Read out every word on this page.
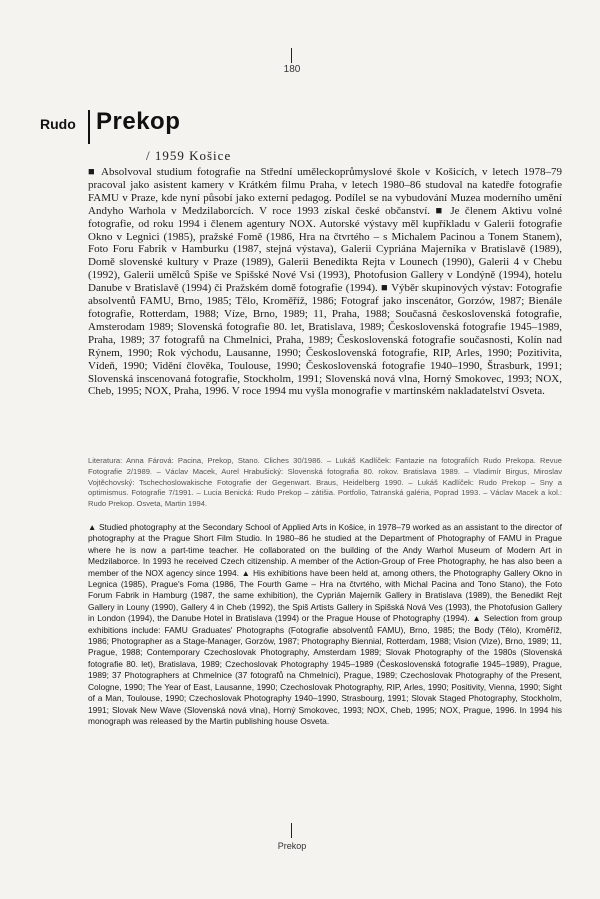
180
Rudo Prekop
/ 1959 Košice

■ Absolvoval studium fotografie na Střední uměleckoprůmyslové škole v Košicích, v letech 1978–79 pracoval jako asistent kamery v Krátkém filmu Praha, v letech 1980–86 studoval na katedře fotografie FAMU v Praze, kde nyní působí jako externí pedagog. Podílel se na vybudování Muzea moderního umění Andyho Warhola v Medzilaborcích. V roce 1993 získal české občanství. ■ Je členem Aktivu volné fotografie, od roku 1994 i členem agentury NOX. Autorské výstavy měl kupříkladu v Galerii fotografie Okno v Legnici (1985), pražské Fomě (1986, Hra na čtvrtého – s Michalem Pacinou a Tonem Stanem), Foto Foru Fabrik v Hamburku (1987, stejná výstava), Galerii Cypriána Majerníka v Bratislavě (1989), Domě slovenské kultury v Praze (1989), Galerii Benedikta Rejta v Lounech (1990), Galerii 4 v Chebu (1992), Galerii umělců Spiše ve Spišské Nové Vsi (1993), Photofusion Gallery v Londýně (1994), hotelu Danube v Bratislavě (1994) či Pražském domě fotografie (1994). ■ Výběr skupinových výstav: Fotografie absolventů FAMU, Brno, 1985; Tělo, Kroměříž, 1986; Fotograf jako inscenátor, Gorzów, 1987; Bienále fotografie, Rotterdam, 1988; Víze, Brno, 1989; 11, Praha, 1988; Současná československá fotografie, Amsterodam 1989; Slovenská fotografie 80. let, Bratislava, 1989; Československá fotografie 1945–1989, Praha, 1989; 37 fotografů na Chmelnici, Praha, 1989; Československá fotografie současnosti, Kolín nad Rýnem, 1990; Rok východu, Lausanne, 1990; Československá fotografie, RIP, Arles, 1990; Pozitivita, Vídeň, 1990; Vidění člověka, Toulouse, 1990; Československá fotografie 1940–1990, Štrasburk, 1991; Slovenská inscenovaná fotografie, Stockholm, 1991; Slovenská nová vlna, Horný Smokovec, 1993; NOX, Cheb, 1995; NOX, Praha, 1996. V roce 1994 mu vyšla monografie v martinském nakladatelství Osveta.

Literatura: Anna Fárová: Pacina, Prekop, Stano. Cliches 30/1986. – Lukáš Kadlíček: Fantazie na fotografiích Rudo Prekopa. Revue Fotografie 2/1989. – Václav Macek, Aurel Hrabušický: Slovenská fotografia 80. rokov. Bratislava 1989. – Vladimír Birgus, Miroslav Vojtěchovský: Tschechoslowakische Fotografie der Gegenwart. Braus, Heidelberg 1990. – Lukáš Kadlíček: Rudo Prekop – Sny a optimismus. Fotografie 7/1991. – Lucia Benická: Rudo Prekop – zátišia. Portfolio, Tatranská galéria, Poprad 1993. – Václav Macek a kol.: Rudo Prekop. Osveta, Martin 1994.

▲ Studied photography at the Secondary School of Applied Arts in Košice, in 1978–79 worked as an assistant to the director of photography at the Prague Short Film Studio. In 1980–86 he studied at the Department of Photography of FAMU in Prague where he is now a part-time teacher. He collaborated on the building of the Andy Warhol Museum of Modern Art in Medzilaborce. In 1993 he received Czech citizenship. A member of the Action-Group of Free Photography, he has also been a member of the NOX agency since 1994. ▲ His exhibitions have been held at, among others, the Photography Gallery Okno in Legnica (1985), Prague's Foma (1986, The Fourth Game – Hra na čtvrtého, with Michal Pacina and Tono Stano), the Foto Forum Fabrik in Hamburg (1987, the same exhibition), the Cyprián Majerník Gallery in Bratislava (1989), the Benedikt Rejt Gallery in Louny (1990), Gallery 4 in Cheb (1992), the Spiš Artists Gallery in Spišská Nová Ves (1993), the Photofusion Gallery in London (1994), the Danube Hotel in Bratislava (1994) or the Prague House of Photography (1994). ▲ Selection from group exhibitions include: FAMU Graduates' Photographs (Fotografie absolventů FAMU), Brno, 1985; the Body (Tělo), Kroměříž, 1986; Photographer as a Stage-Manager, Gorzów, 1987; Photography Biennial, Rotterdam, 1988; Vision (Vize), Brno, 1989; 11, Prague, 1988; Contemporary Czechoslovak Photography, Amsterdam 1989; Slovak Photography of the 1980s (Slovenská fotografie 80. let), Bratislava, 1989; Czechoslovak Photography 1945–1989 (Československá fotografie 1945–1989), Prague, 1989; 37 Photographers at Chmelnice (37 fotografů na Chmelnici), Prague, 1989; Czechoslovak Photography of the Present, Cologne, 1990; The Year of East, Lausanne, 1990; Czechoslovak Photography, RIP, Arles, 1990; Positivity, Vienna, 1990; Sight of a Man, Toulouse, 1990; Czechoslovak Photography 1940–1990, Strasbourg, 1991; Slovak Staged Photography, Stockholm, 1991; Slovak New Wave (Slovenská nová vlna), Horný Smokovec, 1993; NOX, Cheb, 1995; NOX, Prague, 1996. In 1994 his monograph was released by the Martin publishing house Osveta.

Prekop
